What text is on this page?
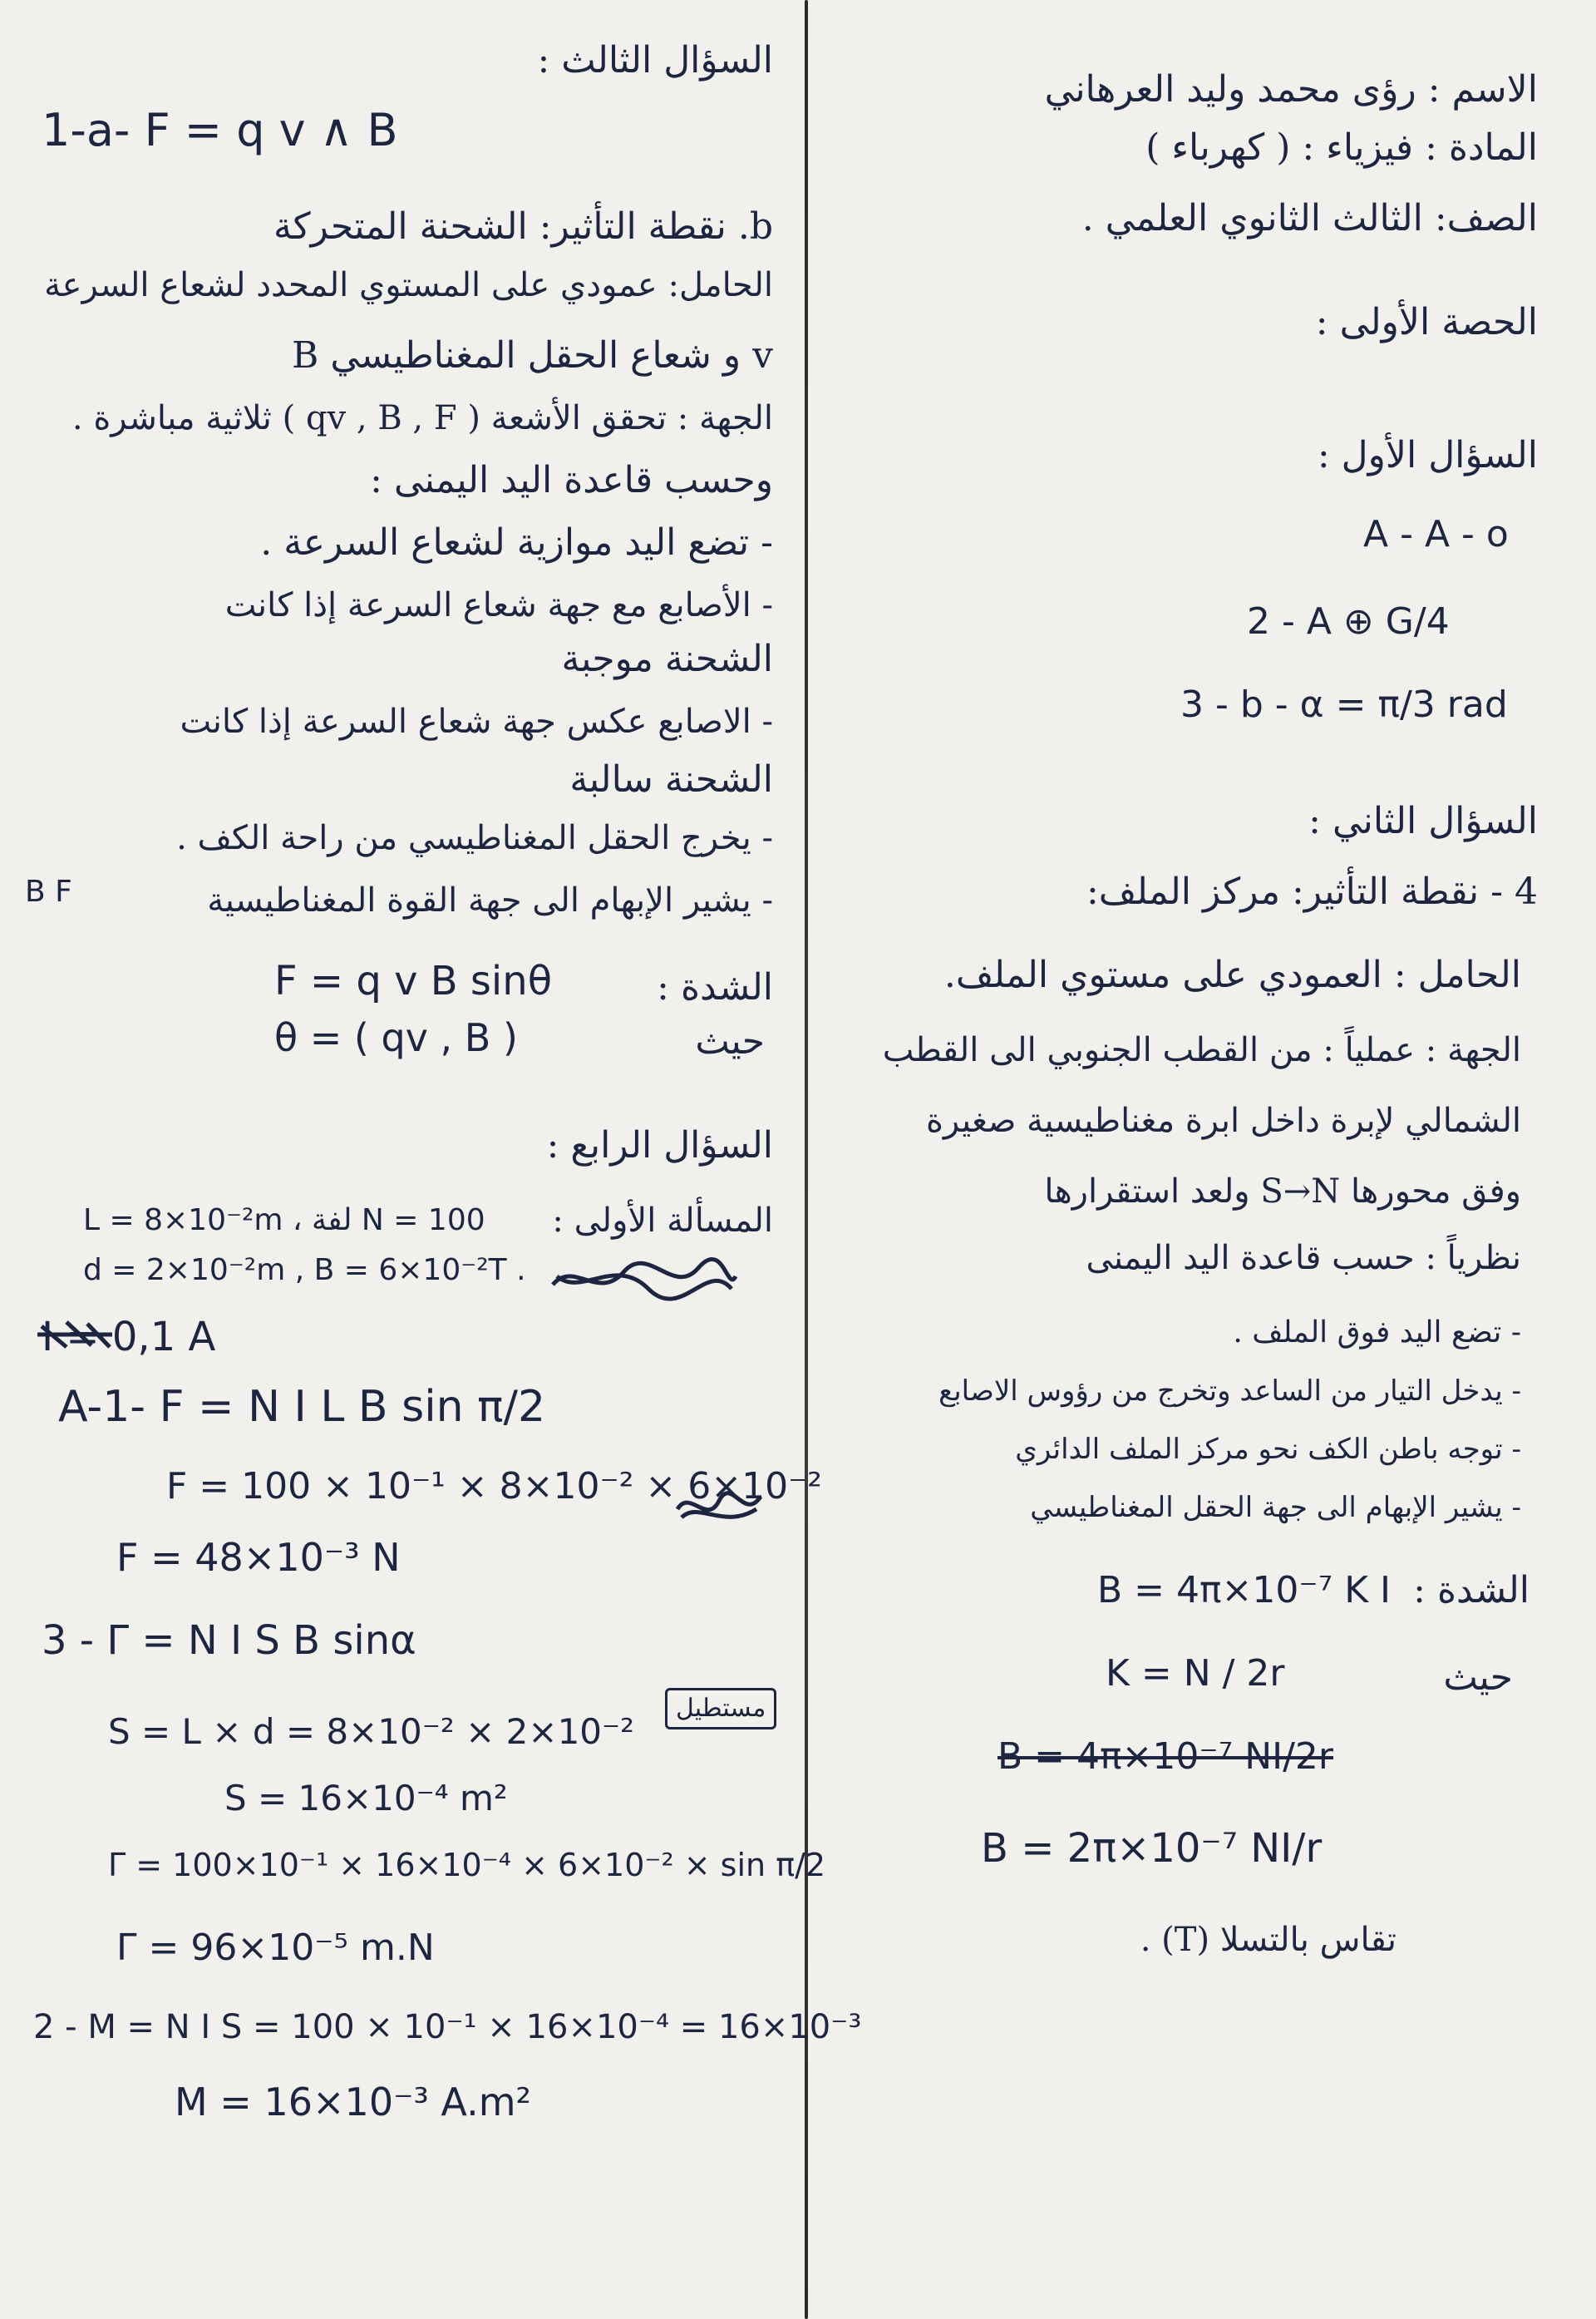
الاسم : رؤى محمد وليد العرهاني
المادة : فيزياء : ( كهرباء )
الصف: الثالث الثانوي العلمي .
الحصة الأولى :
السؤال الأول :
A - A - o
2 - A ⊕ G/4
3 - b - α = π/3 rad
السؤال الثاني :
4 - نقطة التأثير: مركز الملف:
الحامل : العمودي على مستوي الملف.
الجهة : عملياً : من القطب الجنوبي الى القطب
الشمالي لإبرة داخل ابرة مغناطيسية صغيرة
وفق محورها S→N ولعد استقرارها
نظرياً : حسب قاعدة اليد اليمنى
- تضع اليد فوق الملف .
- يدخل التيار من الساعد وتخرج من رؤوس الاصابع
- توجه باطن الكف نحو مركز الملف الدائري
- يشير الإبهام الى جهة الحقل المغناطيسي
الشدة :
B = 4π×10⁻⁷ K I
حيث
K = N / 2r
B = 4π×10⁻⁷ NI/2r
B = 2π×10⁻⁷ NI/r
تقاس بالتسلا (T) .
السؤال الثالث :
1-a- F = q v ∧ B
b. نقطة التأثير: الشحنة المتحركة
الحامل: عمودي على المستوي المحدد لشعاع السرعة
v و شعاع الحقل المغناطيسي B
الجهة : تحقق الأشعة ( qv , B , F ) ثلاثية مباشرة .
وحسب قاعدة اليد اليمنى :
- تضع اليد موازية لشعاع السرعة .
- الأصابع مع جهة شعاع السرعة إذا كانت
الشحنة موجبة
- الاصابع عكس جهة شعاع السرعة إذا كانت
الشحنة سالبة
- يخرج الحقل المغناطيسي من راحة الكف .
- يشير الإبهام الى جهة القوة المغناطيسية
B F
الشدة :
F = q v B sinθ
حيث
θ = ( qv , B )
السؤال الرابع :
المسألة الأولى :
L = 8×10⁻²m ، لفة N = 100
d = 2×10⁻²m , B = 6×10⁻²T .
I = 0,1 A
A-1- F = N I L B sin π/2
F = 100 × 10⁻¹ × 8×10⁻² × 6×10⁻²
F = 48×10⁻³ N
3 - Γ = N I S B sinα
مستطيل
S = L × d = 8×10⁻² × 2×10⁻²
S = 16×10⁻⁴ m²
Γ = 100×10⁻¹ × 16×10⁻⁴ × 6×10⁻² × sin π/2
Γ = 96×10⁻⁵ m.N
2 - M = N I S = 100 × 10⁻¹ × 16×10⁻⁴ = 16×10⁻³
M = 16×10⁻³ A.m²
